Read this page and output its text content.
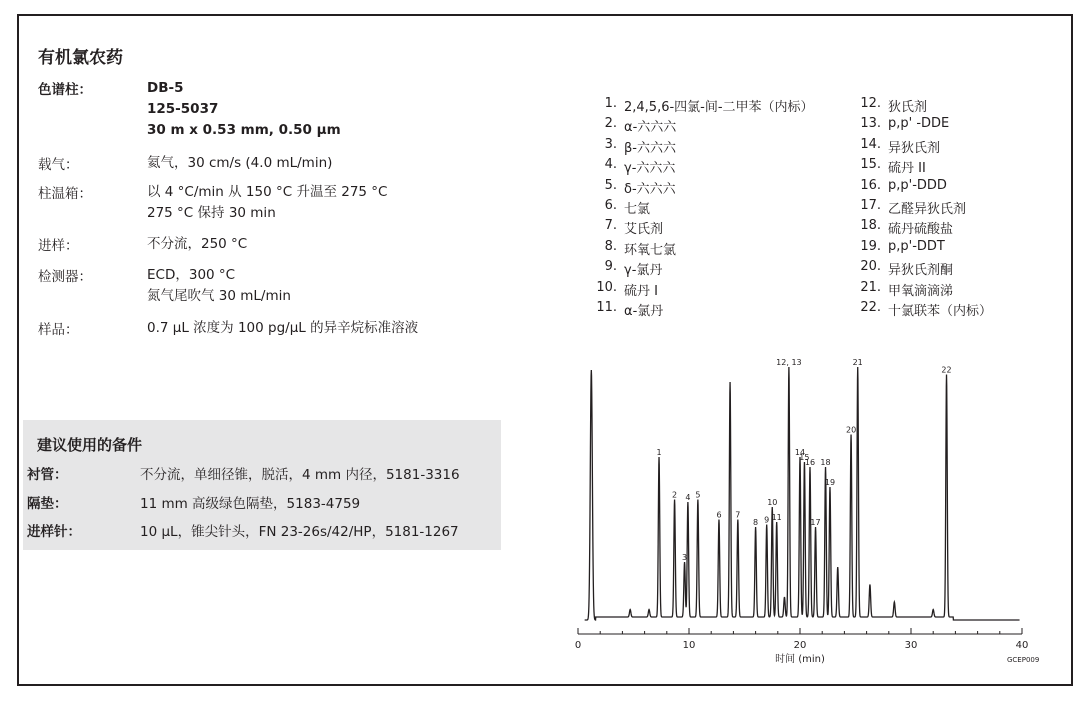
有机氯农药
色谱柱：	DB-5
125-5037
30 m x 0.53 mm, 0.50 μm
载气：	氦气，30 cm/s (4.0 mL/min)
柱温箱：	以 4 °C/min 从 150 °C 升温至 275 °C
275 °C 保持 30 min
进样：	不分流，250 °C
检测器：	ECD，300 °C
氮气尾吹气 30 mL/min
样品：	0.7 μL 浓度为 100 pg/μL 的异辛烷标准溶液
建议使用的备件
衬管：	不分流，单细径锥，脱活，4 mm 内径，5181-3316
隔垫：	11 mm 高级绿色隔垫，5183-4759
进样针：	10 μL，锥尖针头，FN 23-26s/42/HP，5181-1267
1. 2,4,5,6-四氯-间-二甲苯（内标）
2. α-六六六
3. β-六六六
4. γ-六六六
5. δ-六六六
6. 七氯
7. 艾氏剂
8. 环氧七氯
9. γ-氯丹
10. 硫丹 I
11. α-氯丹
12. 狄氏剂
13. p,p' -DDE
14. 异狄氏剂
15. 硫丹 II
16. p,p'-DDD
17. 乙醛异狄氏剂
18. 硫丹硫酸盐
19. p,p'-DDT
20. 异狄氏剂酮
21. 甲氧滴滴涕
22. 十氯联苯（内标）
1
2
3
4 5
6 7
8 9
10
11
12, 13
14
15
16
17
18
19
20
21
22
0	10	20	30	40
时间 (min)	GCEP009
